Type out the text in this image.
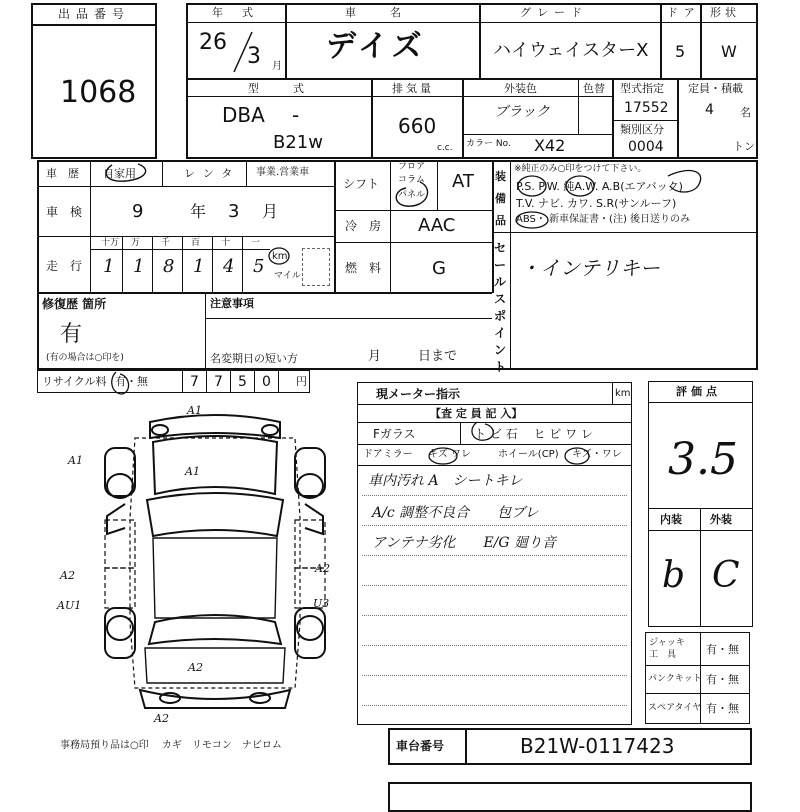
出品番号
1068
年　式
26
3 月
車　　名
デイズ
グレード
ハイウェイスターX
ドア
5
形状
W
型　　式
DBA -
B21w
排気量
660
c.c.
外装色	色替
ブラック
カラー No. X42
型式指定
17552
類別区分
0004
定員・積載
4 名
トン
車　歴 自家用	レンタ 事業.営業車
車　検	9	年 3 月
走　行
十万 万 千 百 十 一
1 1 8 1 4 5 km
マイル
シフト
フロア
コラム
パネル
AT
冷　房 AAC
燃　料	G
装
備
品
※純正のみ○印をつけて下さい。
P.S. P.W. 純A.W. A.B(エアバック)
T.V. ナビ. カワ. S.R(サンルーフ)
ABS・ 新車保証書・(注) 後日送りのみ
セ
ー
ル
ス
ポ
イ
ン
ト
・インテリキー
修復歴 箇所
有
(有の場合は○印を)
注意事項
名変期日の短い方	月	日まで
リサイクル料 有・無	7 7 5 0 円
現メーター指示	km
【査 定 員 記 入】
Fガラス	ト ビ 石　 ヒ ビ ワ レ
ドアミラー キズ ワレ	ホイール(CP) キズ・ワレ
車内汚れ A　シートキレ
A/c 調整不良合　　包ブレ
アンテナ劣化　　E/G 廻り音
評価点
3.5
内装	外装
b C
ジャッキ
工　具	有・無
パンクキット 有・無
スペアタイヤ 有・無
A1
A1
A1
A2
A2
AU1	U3
A2
A2
事務局預り品は○印　 カギ　リモコン　ナビロム	車台番号	B21W-0117423
